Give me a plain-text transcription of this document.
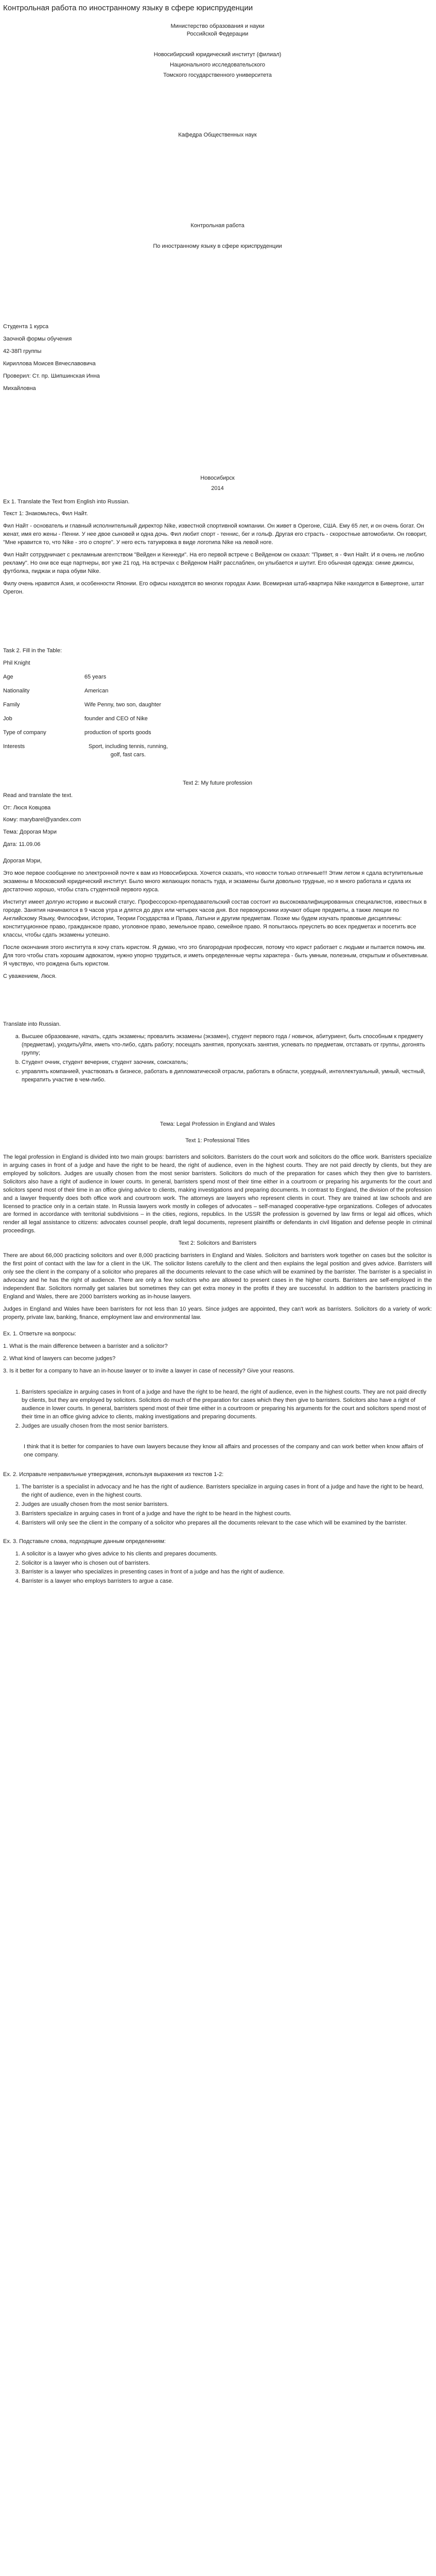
Контрольная работа по иностранному языку в сфере юриспруденции
Министерство образования и науки
Российской Федерации
Новосибирский юридический институт (филиал)
Национального исследовательского
Томского государственного университета
Кафедра Общественных наук
Контрольная работа
По иностранному языку в сфере юриспруденции
Студента 1 курса
Заочной формы обучения
42-38П группы
Кириллова Моисея Вячеславовича
Проверил: Ст. пр. Шипшинская Инна
Михайловна
Новосибирск
2014
Ex 1. Translate the Text from English into Russian.
Текст 1: Знакомьтесь, Фил Найт.
Фил Найт - основатель и главный исполнительный директор Nike, известной спортивной компании. Он живет в Орегоне, США. Ему 65 лет, и он очень богат. Он женат, имя его жены - Пенни. У нее двое сыновей и одна дочь. Фил любит спорт - теннис, бег и гольф. Другая его страсть - скоростные автомобили. Он говорит, "Мне нравится то, что Nike - это о спорте". У него есть татуировка в виде логотипа Nike на левой ноге.
Фил Найт сотрудничает с рекламным агентством "Вейден и Кеннеди". На его первой встрече с Вейденом он сказал: "Привет, я - Фил Найт. И я очень не люблю рекламу". Но они все еще партнеры, вот уже 21 год. На встречах с Вейденом Найт расслаблен, он улыбается и шутит. Его обычная одежда: синие джинсы, футболка, пиджак и пара обуви Nike.
Филу очень нравится Азия, и особенности Японии. Его офисы находятся во многих городах Азии. Всемирная штаб-квартира Nike находится в Бивертоне, штат Орегон.
Task 2. Fill in the Table:
Phil Knight
Age	65 years
Nationality	American
Family	Wife Penny, two son, daughter
Job	founder and CEO of Nike
Type of company	production of sports goods
Interests	Sport, including tennis, running, golf, fast cars.
Text 2: My future profession
Read and translate the text.
От: Люся Ковцова
Кому: marybarel@yandex.com
Тема: Дорогая Мэри
Дата: 11.09.06
Дорогая Мэри,
Это мое первое сообщение по электронной почте к вам из Новосибирска. Хочется сказать, что новости только отличные!!! Этим летом я сдала вступительные экзамены в Московский юридический институт. Было много желающих попасть туда, и экзамены были довольно трудные, но я много работала и сдала их достаточно хорошо, чтобы стать студенткой первого курса.
Институт имеет долгую историю и высокий статус. Профессорско-преподавательский состав состоит из высококвалифицированных специалистов, известных в городе. Занятия начинаются в 9 часов утра и длятся до двух или четырех часов дня. Все первокурсники изучают общие предметы, а также лекции по Английскому Языку, Философии, Истории, Теории Государства и Права, Латыни и другим предметам. Позже мы будем изучать правовые дисциплины: конституционное право, гражданское право, уголовное право, земельное право, семейное право. Я попытаюсь преуспеть во всех предметах и посетить все классы, чтобы сдать экзамены успешно.
После окончания этого института я хочу стать юристом. Я думаю, что это благородная профессия, потому что юрист работает с людьми и пытается помочь им. Для того чтобы стать хорошим адвокатом, нужно упорно трудиться, и иметь определенные черты характера - быть умным, полезным, открытым и объективным. Я чувствую, что рождена быть юристом.
С уважением, Люся.
Translate into Russian.
a. Высшее образование, начать, сдать экзамены; провалить экзамены (экзамен), студент первого года / новичок, абитуриент, быть способным к предмету (предметам), уходить/уйти, иметь что-либо, сдать работу; посещать занятия, пропускать занятия, успевать по предметам, отставать от группы, догонять группу;
b. Студент очник, студент вечерник, студент заочник, соискатель;
c. управлять компанией, участвовать в бизнесе, работать в дипломатической отрасли, работать в области, усердный, интеллектуальный, умный, честный, прекратить участие в чем-либо.
Тема: Legal Profession in England and Wales
Text 1: Professional Titles
The legal profession in England is divided into two main groups: barristers and solicitors. Barristers do the court work and solicitors do the office work. Barristers specialize in arguing cases in front of a judge and have the right to be heard, the right of audience, even in the highest courts. They are not paid directly by clients, but they are employed by solicitors. Judges are usually chosen from the most senior barristers. Solicitors do much of the preparation for cases which they then give to barristers. Solicitors also have a right of audience in lower courts. In general, barristers spend most of their time either in a courtroom or preparing his arguments for the court and solicitors spend most of their time in an office giving advice to clients, making investigations and preparing documents. In contrast to England, the division of the profession and a lawyer frequently does both office work and courtroom work. The attorneys are lawyers who represent clients in court. They are trained at law schools and are licensed to practice only in a certain state. In Russia lawyers work mostly in colleges of advocates – self-managed cooperative-type organizations. Colleges of advocates are formed in accordance with territorial subdivisions – in the cities, regions, republics. In the USSR the profession is governed by law firms or legal aid offices, which render all legal assistance to citizens: advocates counsel people, draft legal documents, represent plaintiffs or defendants in civil litigation and defense people in criminal proceedings.
Text 2: Solicitors and Barristers
There are about 66,000 practicing solicitors and over 8,000 practicing barristers in England and Wales. Solicitors and barristers work together on cases but the solicitor is the first point of contact with the law for a client in the UK. The solicitor listens carefully to the client and then explains the legal position and gives advice. Barristers will only see the client in the company of a solicitor who prepares all the documents relevant to the case which will be examined by the barrister. The barrister is a specialist in advocacy and he has the right of audience. There are only a few solicitors who are allowed to present cases in the higher courts. Barristers are self-employed in the independent Bar. Solicitors normally get salaries but sometimes they can get extra money in the profits if they are successful. In addition to the barristers practicing in England and Wales, there are 2000 barristers working as in-house lawyers.
Judges in England and Wales have been barristers for not less than 10 years. Since judges are appointed, they can't work as barristers. Solicitors do a variety of work: property, private law, banking, finance, employment law and environmental law.
Ex. 1. Ответьте на вопросы:
1. What is the main difference between a barrister and a solicitor?
2. What kind of lawyers can become judges?
3. Is it better for a company to have an in-house lawyer or to invite a lawyer in case of necessity? Give your reasons.
1. Barristers specialize in arguing cases in front of a judge and have the right to be heard, the right of audience, even in the highest courts. They are not paid directly by clients, but they are employed by solicitors. Solicitors do much of the preparation for cases which they then give to barristers. Solicitors also have a right of audience in lower courts. In general, barristers spend most of their time either in a courtroom or preparing his arguments for the court and solicitors spend most of their time in an office giving advice to clients, making investigations and preparing documents.
2. Judges are usually chosen from the most senior barristers.
I think that it is better for companies to have own lawyers because they know all affairs and processes of the company and can work better when know affairs of one company.
Ex. 2. Исправьте неправильные утверждения, используя выражения из текстов 1-2:
1. The barrister is a specialist in advocacy and he has the right of audience. Barristers specialize in arguing cases in front of a judge and have the right to be heard, the right of audience, even in the highest courts.
2. Judges are usually chosen from the most senior barristers.
3. Barristers specialize in arguing cases in front of a judge and have the right to be heard in the highest courts.
4. Barristers will only see the client in the company of a solicitor who prepares all the documents relevant to the case which will be examined by the barrister.
Ex. 3. Подставьте слова, подходящие данным определениям:
1. A solicitor is a lawyer who gives advice to his clients and prepares documents.
2. Solicitor is a lawyer who is chosen out of barristers.
3. Barrister is a lawyer who specializes in presenting cases in front of a judge and has the right of audience.
4. Barrister is a lawyer who employs barristers to argue a case.
